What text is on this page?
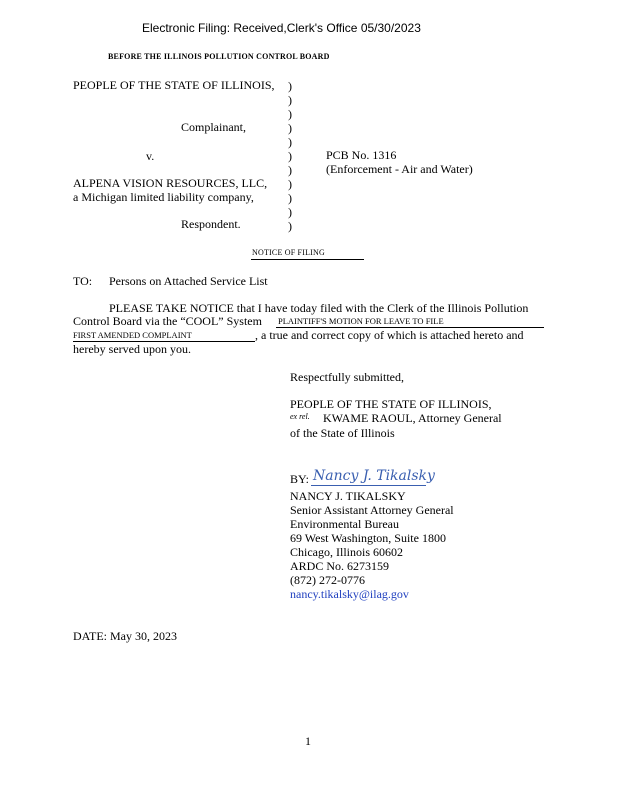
Electronic Filing: Received,Clerk's Office 05/30/2023
BEFORE THE ILLINOIS POLLUTION CONTROL BOARD
PEOPLE OF THE STATE OF ILLINOIS,
Complainant,
v.
ALPENA VISION RESOURCES, LLC,
a Michigan limited liability company,
Respondent.
)
)
)
)
)
)
)
)
)
)
)
PCB No. 1316
(Enforcement - Air and Water)
NOTICE OF FILING
TO: Persons on Attached Service List
PLEASE TAKE NOTICE that I have today filed with the Clerk of the Illinois Pollution
Control Board via the “COOL” System PLAINTIFF'S MOTION FOR LEAVE TO FILE
FIRST AMENDED COMPLAINT	, a true and correct copy of which is attached hereto and
hereby served upon you.
Respectfully submitted,
PEOPLE OF THE STATE OF ILLINOIS,
ex rel. KWAME RAOUL, Attorney General
of the State of Illinois
BY: Nancy J. Tikalsky
NANCY J. TIKALSKY
Senior Assistant Attorney General
Environmental Bureau
69 West Washington, Suite 1800
Chicago, Illinois 60602
ARDC No. 6273159
(872) 272-0776
nancy.tikalsky@ilag.gov
DATE: May 30, 2023
1
